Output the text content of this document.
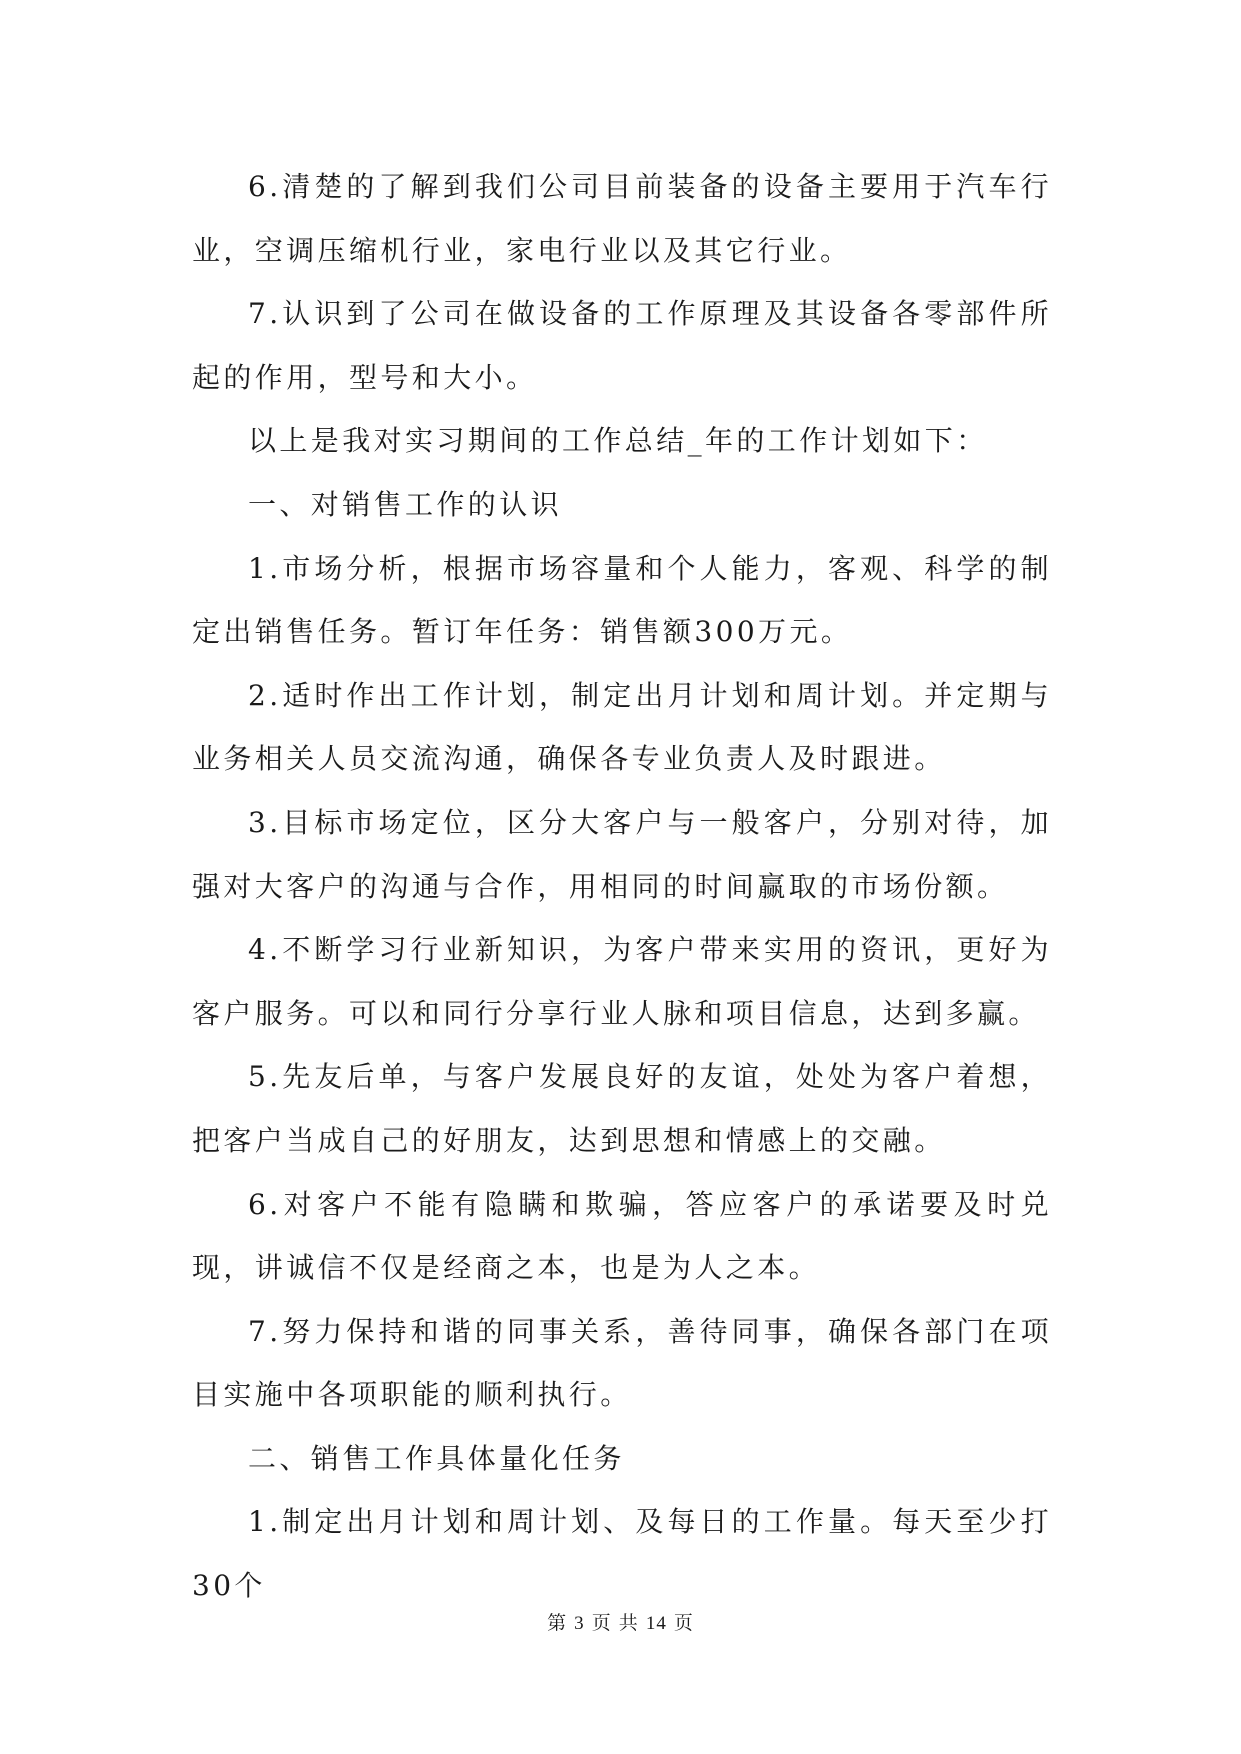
6.清楚的了解到我们公司目前装备的设备主要用于汽车行业，空调压缩机行业，家电行业以及其它行业。

7.认识到了公司在做设备的工作原理及其设备各零部件所起的作用，型号和大小。

以上是我对实习期间的工作总结_年的工作计划如下：

一、对销售工作的认识

1.市场分析，根据市场容量和个人能力，客观、科学的制定出销售任务。暂订年任务：销售额300万元。

2.适时作出工作计划，制定出月计划和周计划。并定期与业务相关人员交流沟通，确保各专业负责人及时跟进。

3.目标市场定位，区分大客户与一般客户，分别对待，加强对大客户的沟通与合作，用相同的时间赢取的市场份额。

4.不断学习行业新知识，为客户带来实用的资讯，更好为客户服务。可以和同行分享行业人脉和项目信息，达到多赢。

5.先友后单，与客户发展良好的友谊，处处为客户着想，把客户当成自己的好朋友，达到思想和情感上的交融。

6.对客户不能有隐瞒和欺骗，答应客户的承诺要及时兑现，讲诚信不仅是经商之本，也是为人之本。

7.努力保持和谐的同事关系，善待同事，确保各部门在项目实施中各项职能的顺利执行。

二、销售工作具体量化任务

1.制定出月计划和周计划、及每日的工作量。每天至少打30个

第 3 页 共 14 页
